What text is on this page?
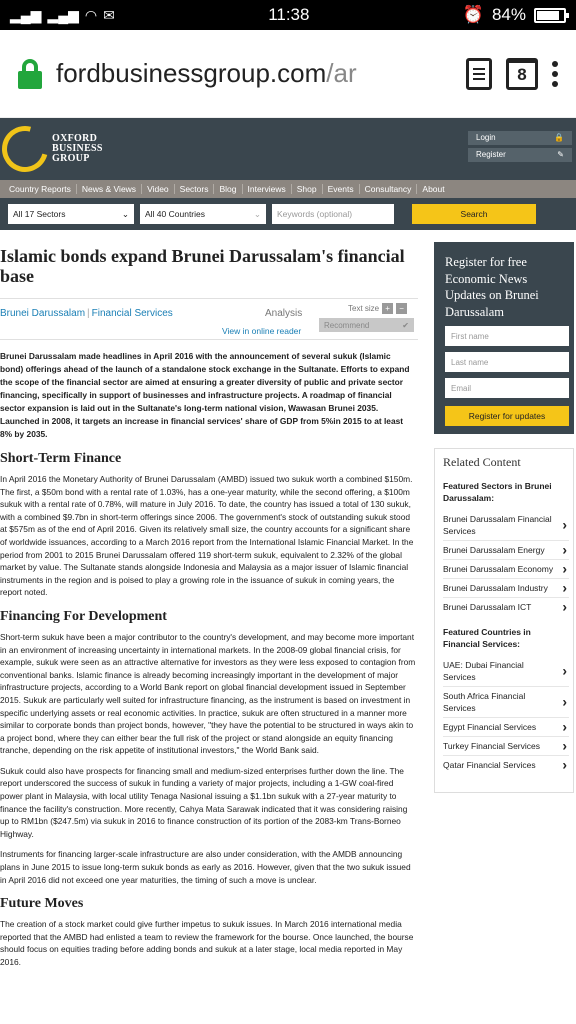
▂▄▆ ▂▄▆ ◠ ✉	11:38	⏰ 84%
fordbusinessgroup.com/ar	8
OXFORD
BUSINESS
GROUP
Login	🔒
Register	✎
Country Reports	News & Views	Video	Sectors	Blog	Interviews	Shop	Events	Consultancy	About
All 17 Sectors	⌄ All 40 Countries	⌄	Keywords (optional)	Search
Islamic bonds expand Brunei Darussalam's financial base
Brunei Darussalam | Financial Services	Analysis
View in online reader
Text size +	−
Recommend	✔

Brunei Darussalam made headlines in April 2016 with the announcement of several sukuk (Islamic bond) offerings ahead of the launch of a standalone stock exchange in the Sultanate. Efforts to expand the scope of the financial sector are aimed at ensuring a greater diversity of public and private sector financing, specifically in support of businesses and infrastructure projects. A roadmap of financial sector expansion is laid out in the Sultanate's long-term national vision, Wawasan Brunei 2035. Launched in 2008, it targets an increase in financial services' share of GDP from 5%in 2015 to at least 8% by 2035.

Short-Term Finance

In April 2016 the Monetary Authority of Brunei Darussalam (AMBD) issued two sukuk worth a combined $150m. The first, a $50m bond with a rental rate of 1.03%, has a one-year maturity, while the second offering, a $100m sukuk with a rental rate of 0.78%, will mature in July 2016. To date, the country has issued a total of 130 sukuk, with a combined $9.7bn in short-term offerings since 2006. The government's stock of outstanding sukuk stood at $575m as of the end of April 2016. Given its relatively small size, the country accounts for a significant share of worldwide issuances, according to a March 2016 report from the International Islamic Financial Market. In the period from 2001 to 2015 Brunei Darussalam offered 119 short-term sukuk, equivalent to 2.32% of the global market by value. The Sultanate stands alongside Indonesia and Malaysia as a major issuer of Islamic financial instruments in the region and is poised to play a growing role in the issuance of sukuk in coming years, the report noted.

Financing For Development

Short-term sukuk have been a major contributor to the country's development, and may become more important in an environment of increasing uncertainty in international markets. In the 2008-09 global financial crisis, for example, sukuk were seen as an attractive alternative for investors as they were less exposed to contagion from conventional banks. Islamic finance is already becoming increasingly important in the development of major infrastructure projects, according to a World Bank report on global financial development issued in September 2015. Sukuk are particularly well suited for infrastructure financing, as the instrument is based on investment in specific underlying assets or real economic activities. In practice, sukuk are often structured in a manner more similar to corporate bonds than project bonds, however, "they have the potential to be structured in ways akin to a project bond, where they can either bear the full risk of the project or stand alongside an equity financing tranche, depending on the risk appetite of institutional investors," the World Bank said.

Sukuk could also have prospects for financing small and medium-sized enterprises further down the line. The report underscored the success of sukuk in funding a variety of major projects, including a 1-GW coal-fired power plant in Malaysia, with local utility Tenaga Nasional issuing a $1.1bn sukuk with a 27-year maturity to finance the facility's construction. More recently, Cahya Mata Sarawak indicated that it was considering raising up to RM1bn ($247.5m) via sukuk in 2016 to finance construction of its portion of the 2083-km Trans-Borneo Highway.

Instruments for financing larger-scale infrastructure are also under consideration, with the AMDB announcing plans in June 2015 to issue long-term sukuk bonds as early as 2016. However, given that the two sukuk issued in April 2016 did not exceed one year maturities, the timing of such a move is unclear.

Future Moves

The creation of a stock market could give further impetus to sukuk issues. In March 2016 international media reported that the AMBD had enlisted a team to review the framework for the bourse. Once launched, the bourse should focus on equities trading before adding bonds and sukuk at a later stage, local media reported in May 2016.

Register for free Economic News Updates on Brunei Darussalam
First name
Last name
Email
Register for updates
Related Content
Featured Sectors in Brunei Darussalam:
Brunei Darussalam Financial Services ›
Brunei Darussalam Energy ›
Brunei Darussalam Economy ›
Brunei Darussalam Industry ›
Brunei Darussalam ICT ›
Featured Countries in Financial Services:
UAE: Dubai Financial Services ›
South Africa Financial Services ›
Egypt Financial Services ›
Turkey Financial Services ›
Qatar Financial Services ›
